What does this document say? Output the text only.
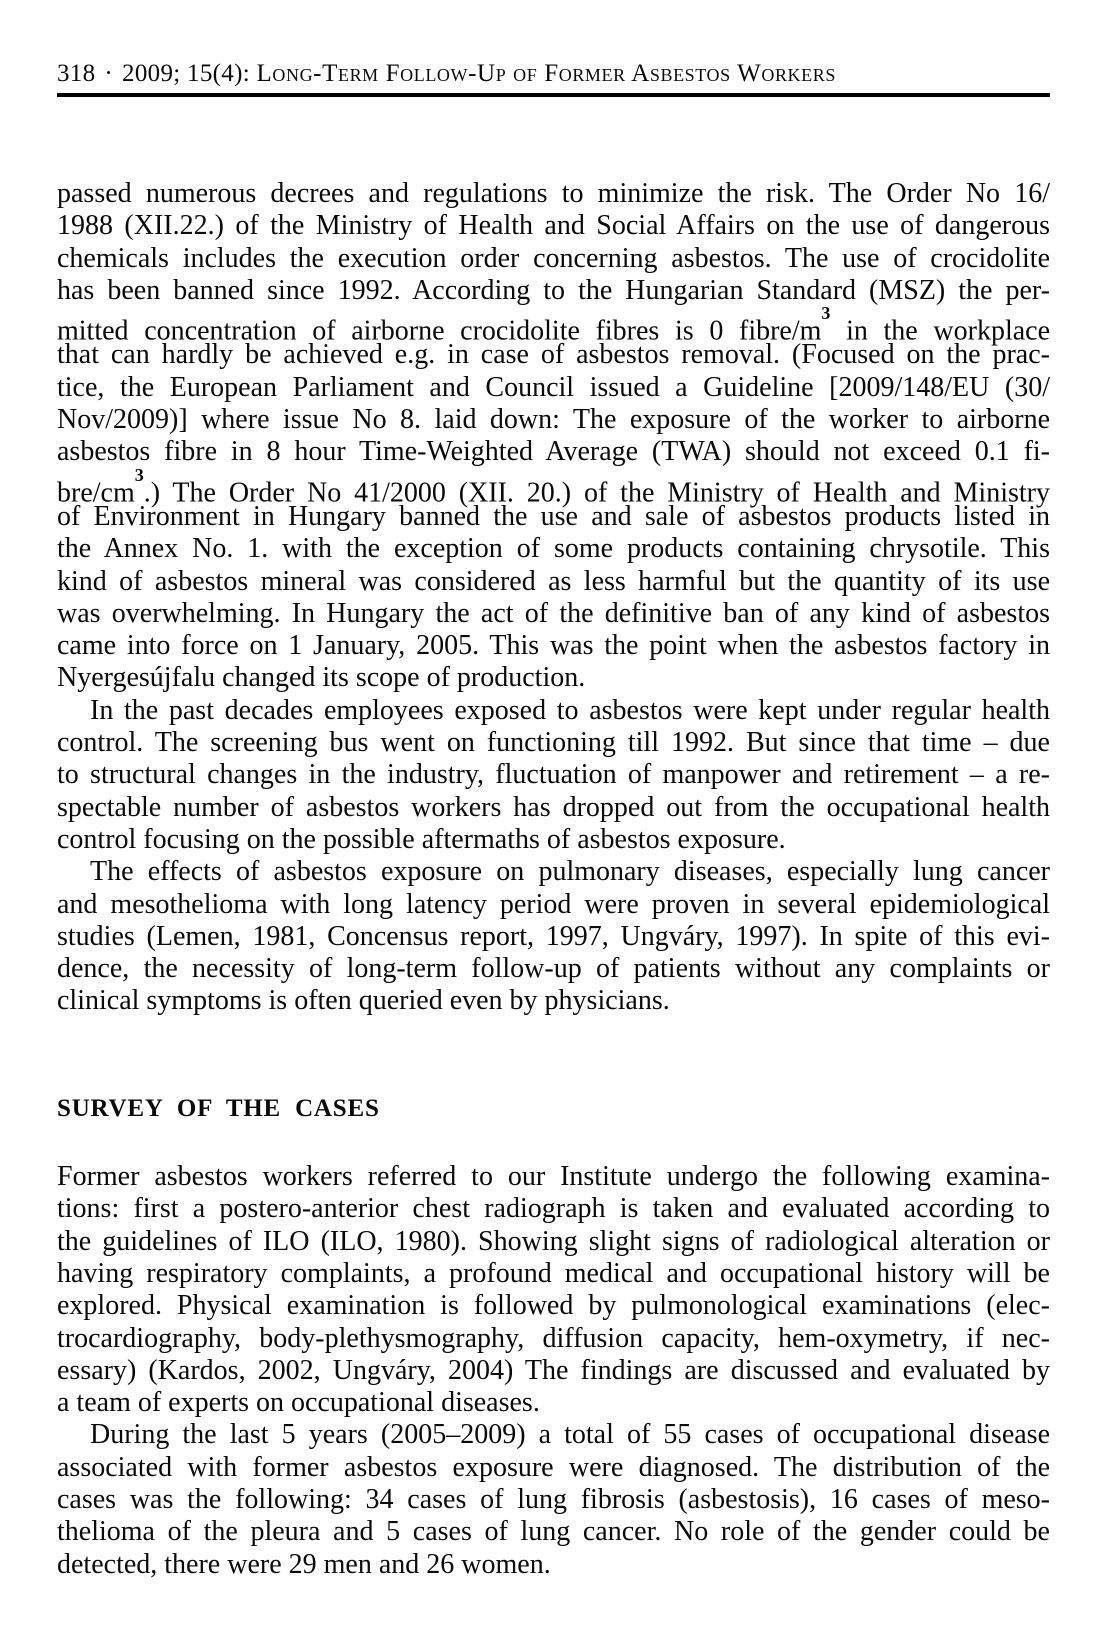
318 · 2009; 15(4): Long-Term Follow-Up of Former Asbestos Workers
passed numerous decrees and regulations to minimize the risk. The Order No 16/
1988 (XII.22.) of the Ministry of Health and Social Affairs on the use of dangerous
chemicals includes the execution order concerning asbestos. The use of crocidolite
has been banned since 1992. According to the Hungarian Standard (MSZ) the per-
mitted concentration of airborne crocidolite fibres is 0 fibre/$m^3$ in the workplace
that can hardly be achieved e.g. in case of asbestos removal. (Focused on the prac-
tice, the European Parliament and Council issued a Guideline [2009/148/EU (30/
Nov/2009)] where issue No 8. laid down: The exposure of the worker to airborne
asbestos fibre in 8 hour Time-Weighted Average (TWA) should not exceed 0.1 fi-
bre/$cm^3$.) The Order No 41/2000 (XII. 20.) of the Ministry of Health and Ministry
of Environment in Hungary banned the use and sale of asbestos products listed in
the Annex No. 1. with the exception of some products containing chrysotile. This
kind of asbestos mineral was considered as less harmful but the quantity of its use
was overwhelming. In Hungary the act of the definitive ban of any kind of asbestos
came into force on 1 January, 2005. This was the point when the asbestos factory in
Nyergesújfalu changed its scope of production.
In the past decades employees exposed to asbestos were kept under regular health
control. The screening bus went on functioning till 1992. But since that time – due
to structural changes in the industry, fluctuation of manpower and retirement – a re-
spectable number of asbestos workers has dropped out from the occupational health
control focusing on the possible aftermaths of asbestos exposure.
The effects of asbestos exposure on pulmonary diseases, especially lung cancer
and mesothelioma with long latency period were proven in several epidemiological
studies (Lemen, 1981, Concensus report, 1997, Ungváry, 1997). In spite of this evi-
dence, the necessity of long-term follow-up of patients without any complaints or
clinical symptoms is often queried even by physicians.
SURVEY OF THE CASES
Former asbestos workers referred to our Institute undergo the following examina-
tions: first a postero-anterior chest radiograph is taken and evaluated according to
the guidelines of ILO (ILO, 1980). Showing slight signs of radiological alteration or
having respiratory complaints, a profound medical and occupational history will be
explored. Physical examination is followed by pulmonological examinations (elec-
trocardiography, body-plethysmography, diffusion capacity, hem-oxymetry, if nec-
essary) (Kardos, 2002, Ungváry, 2004) The findings are discussed and evaluated by
a team of experts on occupational diseases.
During the last 5 years (2005–2009) a total of 55 cases of occupational disease
associated with former asbestos exposure were diagnosed. The distribution of the
cases was the following: 34 cases of lung fibrosis (asbestosis), 16 cases of meso-
thelioma of the pleura and 5 cases of lung cancer. No role of the gender could be
detected, there were 29 men and 26 women.
